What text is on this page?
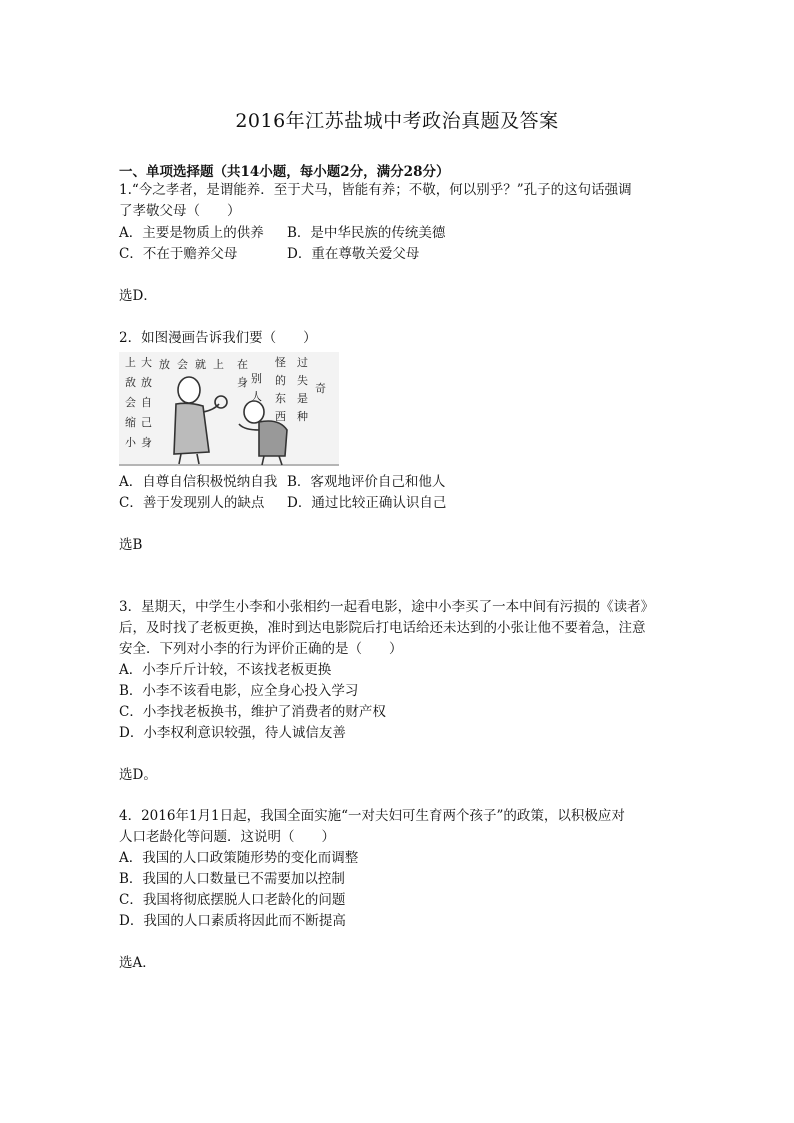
2016年江苏盐城中考政治真题及答案
一、单项选择题（共14小题，每小题2分，满分28分）
1.“今之孝者，是谓能养．至于犬马，皆能有养；不敬，何以别乎？”孔子的这句话强调
了孝敬父母（　　）
A．主要是物质上的供养 B．是中华民族的传统美德
C．不在于赡养父母	D．重在尊敬关爱父母
选D．
2．如图漫画告诉我们要（　　）
上敌会缩小 大放自己身 放 会 就 上 在别身人
怪的东西 过失是种奇
A．自尊自信积极悦纳自我 B．客观地评价自己和他人
C．善于发现别人的缺点 D．通过比较正确认识自己
选B
3．星期天，中学生小李和小张相约一起看电影，途中小李买了一本中间有污损的《读者》
后，及时找了老板更换，准时到达电影院后打电话给还未达到的小张让他不要着急，注意
安全．下列对小李的行为评价正确的是（　　）
A．小李斤斤计较，不该找老板更换
B．小李不该看电影，应全身心投入学习
C．小李找老板换书，维护了消费者的财产权
D．小李权利意识较强，待人诚信友善
选D。
4．2016年1月1日起，我国全面实施“一对夫妇可生育两个孩子”的政策，以积极应对
人口老龄化等问题．这说明（　　）
A．我国的人口政策随形势的变化而调整
B．我国的人口数量已不需要加以控制
C．我国将彻底摆脱人口老龄化的问题
D．我国的人口素质将因此而不断提高
选A．
